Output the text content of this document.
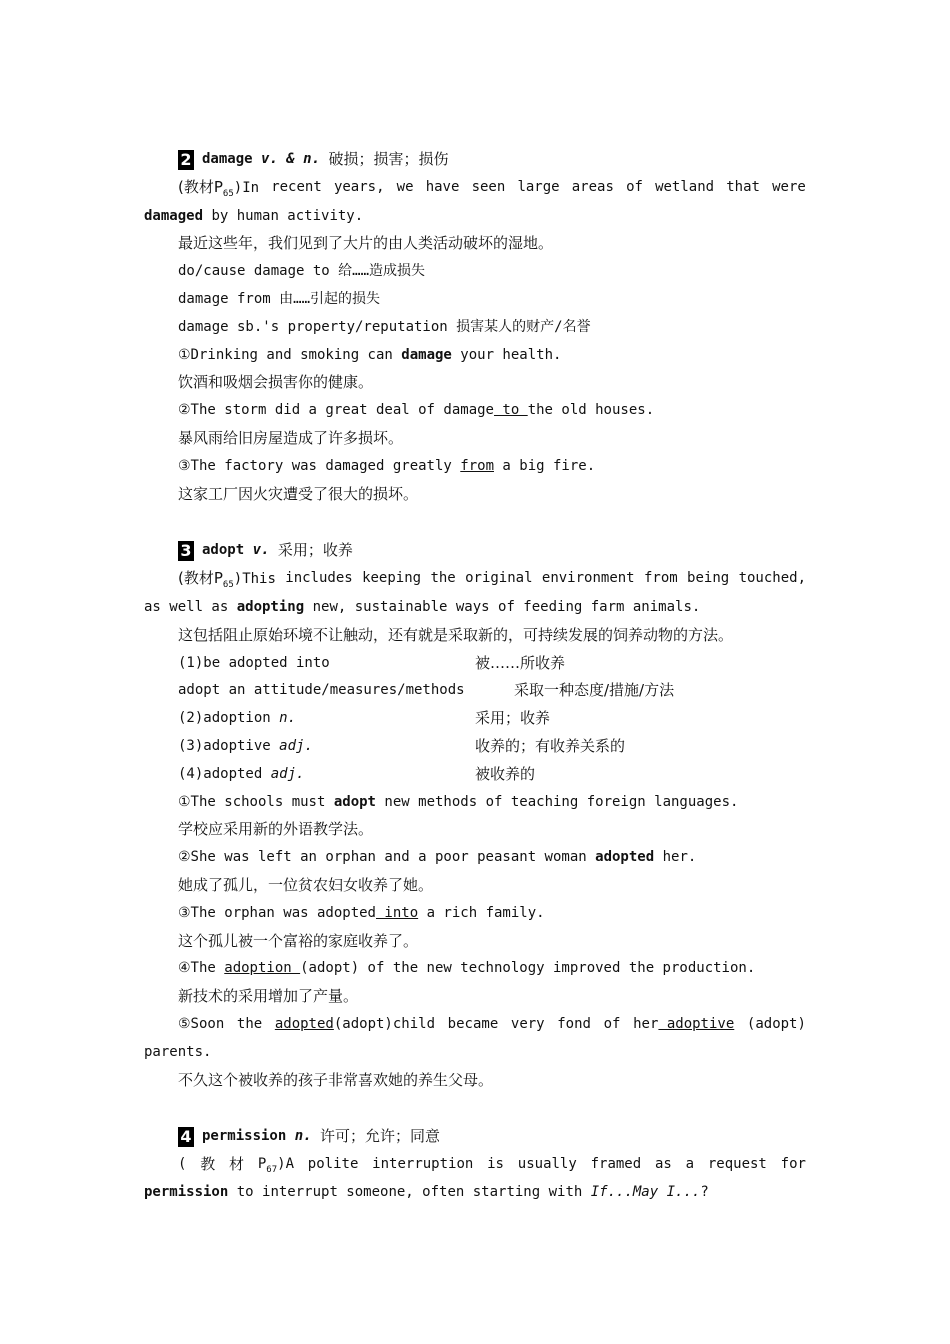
2 damage
v. & n.
破损；损害；损伤
(教材$P_{65})In$ recent years, we have seen large areas of wetland that were
damaged by human activity.
最近这些年，我们见到了大片的由人类活动破坏的湿地。
do/cause damage to 给……造成损失
damage from 由……引起的损失
damage sb.'s property/reputation 损害某人的财产/名誉
①Drinking and smoking can damage your health.
饮酒和吸烟会损害你的健康。
②The storm did a great deal of damage to the old houses.
暴风雨给旧房屋造成了许多损坏。
③The factory was damaged greatly from a big fire.
这家工厂因火灾遭受了很大的损坏。
3 adopt
v.
采用；收养
(教材$P_{65})This$ includes keeping the original environment from being touched,
as well as adopting new, sustainable ways of feeding farm animals.
这包括阻止原始环境不让触动，还有就是采取新的，可持续发展的饲养动物的方法。
(1)be adopted into	被……所收养
adopt an attitude/measures/methods	采取一种态度/措施/方法
(2)adoption n.	采用；收养
(3)adoptive adj.	收养的；有收养关系的
(4)adopted adj.	被收养的
①The schools must adopt new methods of teaching foreign languages.
学校应采用新的外语教学法。
②She was left an orphan and a poor peasant woman adopted her.
她成了孤儿，一位贫农妇女收养了她。
③The orphan was adopted into a rich family.
这个孤儿被一个富裕的家庭收养了。
④The adoption (adopt) of the new technology improved the production.
新技术的采用增加了产量。
⑤Soon the adopted(adopt)child became very fond of her adoptive (adopt)
parents.
不久这个被收养的孩子非常喜欢她的养生父母。
4 permission
n.
许可；允许；同意
( 教 材 $P_{67})A$ polite interruption is usually framed as a request for
permission to interrupt someone, often starting with If...May I...?
